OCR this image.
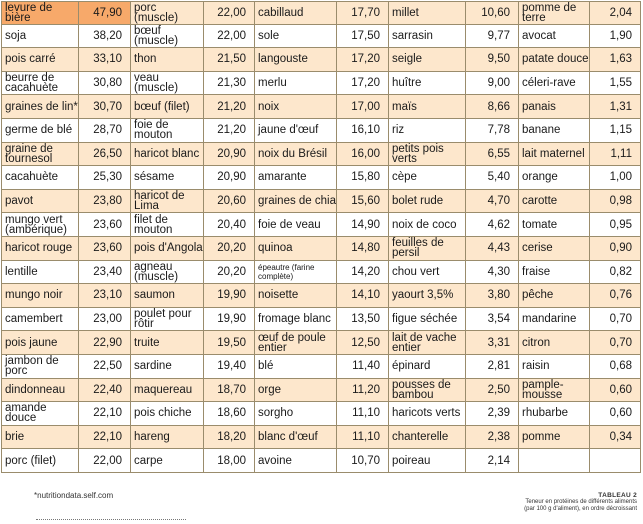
levure de bière	47,90	porc (muscle)	22,00	cabillaud	17,70	millet	10,60	pomme de terre	2,04
soja	38,20	bœuf (muscle)	22,00	sole	17,50	sarrasin	9,77	avocat	1,90
pois carré	33,10	thon	21,50	langouste	17,20	seigle	9,50	patate douce	1,63
beurre de cacahuète	30,80	veau (muscle)	21,30	merlu	17,20	huître	9,00	céleri-rave	1,55
graines de lin*	30,70	bœuf (filet)	21,20	noix	17,00	maïs	8,66	panais	1,31
germe de blé	28,70	foie de mouton	21,20	jaune d'œuf	16,10	riz	7,78	banane	1,15
graine de tournesol	26,50	haricot blanc	20,90	noix du Brésil	16,00	petits pois verts	6,55	lait maternel	1,11
cacahuète	25,30	sésame	20,90	amarante	15,80	cèpe	5,40	orange	1,00
pavot	23,80	haricot de Lima	20,60	graines de chia	15,60	bolet rude	4,70	carotte	0,98
mungo vert (ambérique)	23,60	filet de mouton	20,40	foie de veau	14,90	noix de coco	4,62	tomate	0,95
haricot rouge	23,60	pois d'Angola	20,20	quinoa	14,80	feuilles de persil	4,43	cerise	0,90
lentille	23,40	agneau (muscle)	20,20	épeautre (farine complète)	14,20	chou vert	4,30	fraise	0,82
mungo noir	23,10	saumon	19,90	noisette	14,10	yaourt 3,5%	3,80	pêche	0,76
camembert	23,00	poulet pour rôtir	19,90	fromage blanc	13,50	figue séchée	3,54	mandarine	0,70
pois jaune	22,90	truite	19,50	œuf de poule entier	12,50	lait de vache entier	3,31	citron	0,70
jambon de porc	22,50	sardine	19,40	blé	11,40	épinard	2,81	raisin	0,68
dindonneau	22,40	maquereau	18,70	orge	11,20	pousses de bambou	2,50	pample-mousse	0,60
amande douce	22,10	pois chiche	18,60	sorgho	11,10	haricots verts	2,39	rhubarbe	0,60
brie	22,10	hareng	18,20	blanc d'œuf	11,10	chanterelle	2,38	pomme	0,34
porc (filet)	22,00	carpe	18,00	avoine	10,70	poireau	2,14
*nutritiondata.self.com	TABLEAU 2
Teneur en protéines de différents aliments
(par 100 g d'aliment), en ordre décroissant
